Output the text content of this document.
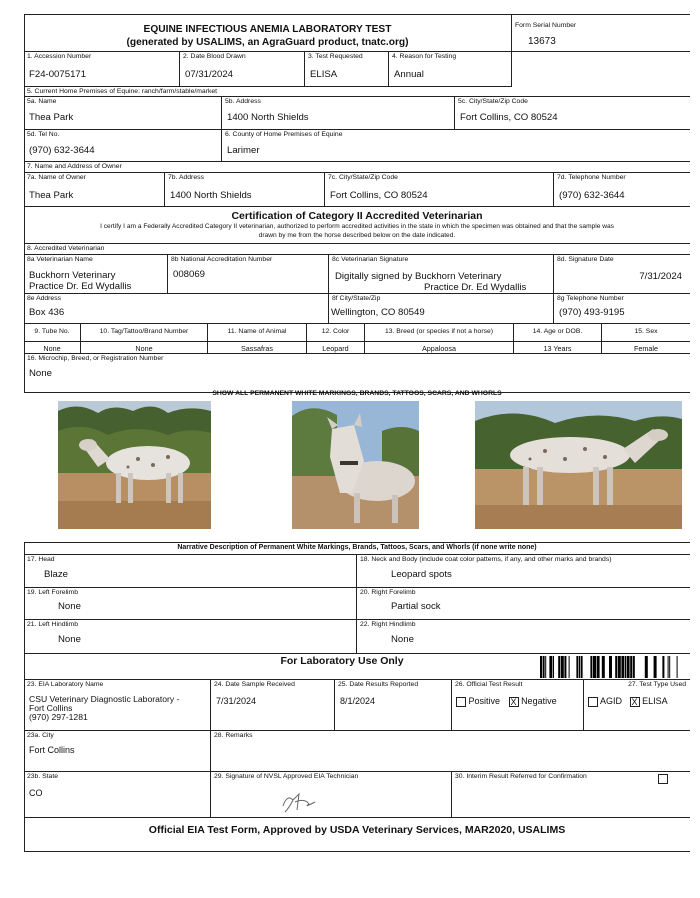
EQUINE INFECTIOUS ANEMIA LABORATORY TEST
(generated by USALIMS, an AgraGuard product, tnatc.org)
Form Serial Number
13673
1. Accession Number
F24-0075171
2. Date Blood Drawn
07/31/2024
3. Test Requested
ELISA
4. Reason for Testing
Annual
5. Current Home Premises of Equine: ranch/farm/stable/market
5a. Name
Thea Park
5b. Address
1400 North Shields
5c. City/State/Zip Code
Fort Collins, CO 80524
5d. Tel No.
(970) 632-3644
6. County of Home Premises of Equine
Larimer
7. Name and Address of Owner
7a. Name of Owner
Thea Park
7b. Address
1400 North Shields
7c. City/State/Zip Code
Fort Collins, CO 80524
7d. Telephone Number
(970) 632-3644
Certification of Category II Accredited Veterinarian
I certify I am a Federally Accredited Category II veterinarian, authorized to perform accredited activities in the state in which the specimen was obtained and that the sample was
drawn by me from the horse described below on the date indicated.
8. Accredited Veterinarian
8a Veterinarian Name
Buckhorn Veterinary
Practice Dr. Ed Wydallis
8b National Accreditation Number
008069
8c Veterinarian Signature
Digitally signed by Buckhorn Veterinary
Practice Dr. Ed Wydallis
8d. Signature Date
7/31/2024
8e Address
Box 436
8f City/State/Zip
Wellington, CO 80549
8g Telephone Number
(970) 493-9195
9. Tube No.	10. Tag/Tattoo/Brand Number	11. Name of Animal	12. Color	13. Breed (or species if not a horse)	14. Age or DOB.	15. Sex
None	None	Sassafras	Leopard	Appaloosa	13 Years	Female
16. Microchip, Breed, or Registration Number
None
SHOW ALL PERMANENT WHITE MARKINGS, BRANDS, TATTOOS, SCARS, AND WHORLS
Narrative Description of Permanent White Markings, Brands, Tattoos, Scars, and Whorls (if none write none)
17. Head
Blaze
18. Neck and Body (include coat color patterns, if any, and other marks and brands)
Leopard spots
19. Left Forelimb
None
20. Right Forelimb
Partial sock
21. Left Hindlimb
None
22. Right Hindlimb
None
For Laboratory Use Only
23. EIA Laboratory Name
CSU Veterinary Diagnostic Laboratory -
Fort Collins
(970) 297-1281
24. Date Sample Received
7/31/2024
25. Date Results Reported
8/1/2024
26. Official Test Result
Positive X Negative
27. Test Type Used
AGID X ELISA
23a. City
Fort Collins
28. Remarks
23b. State
CO
29. Signature of NVSL Approved EIA Technician	30. Interim Result Referred for Confirmation
Official EIA Test Form, Approved by USDA Veterinary Services, MAR2020, USALIMS
